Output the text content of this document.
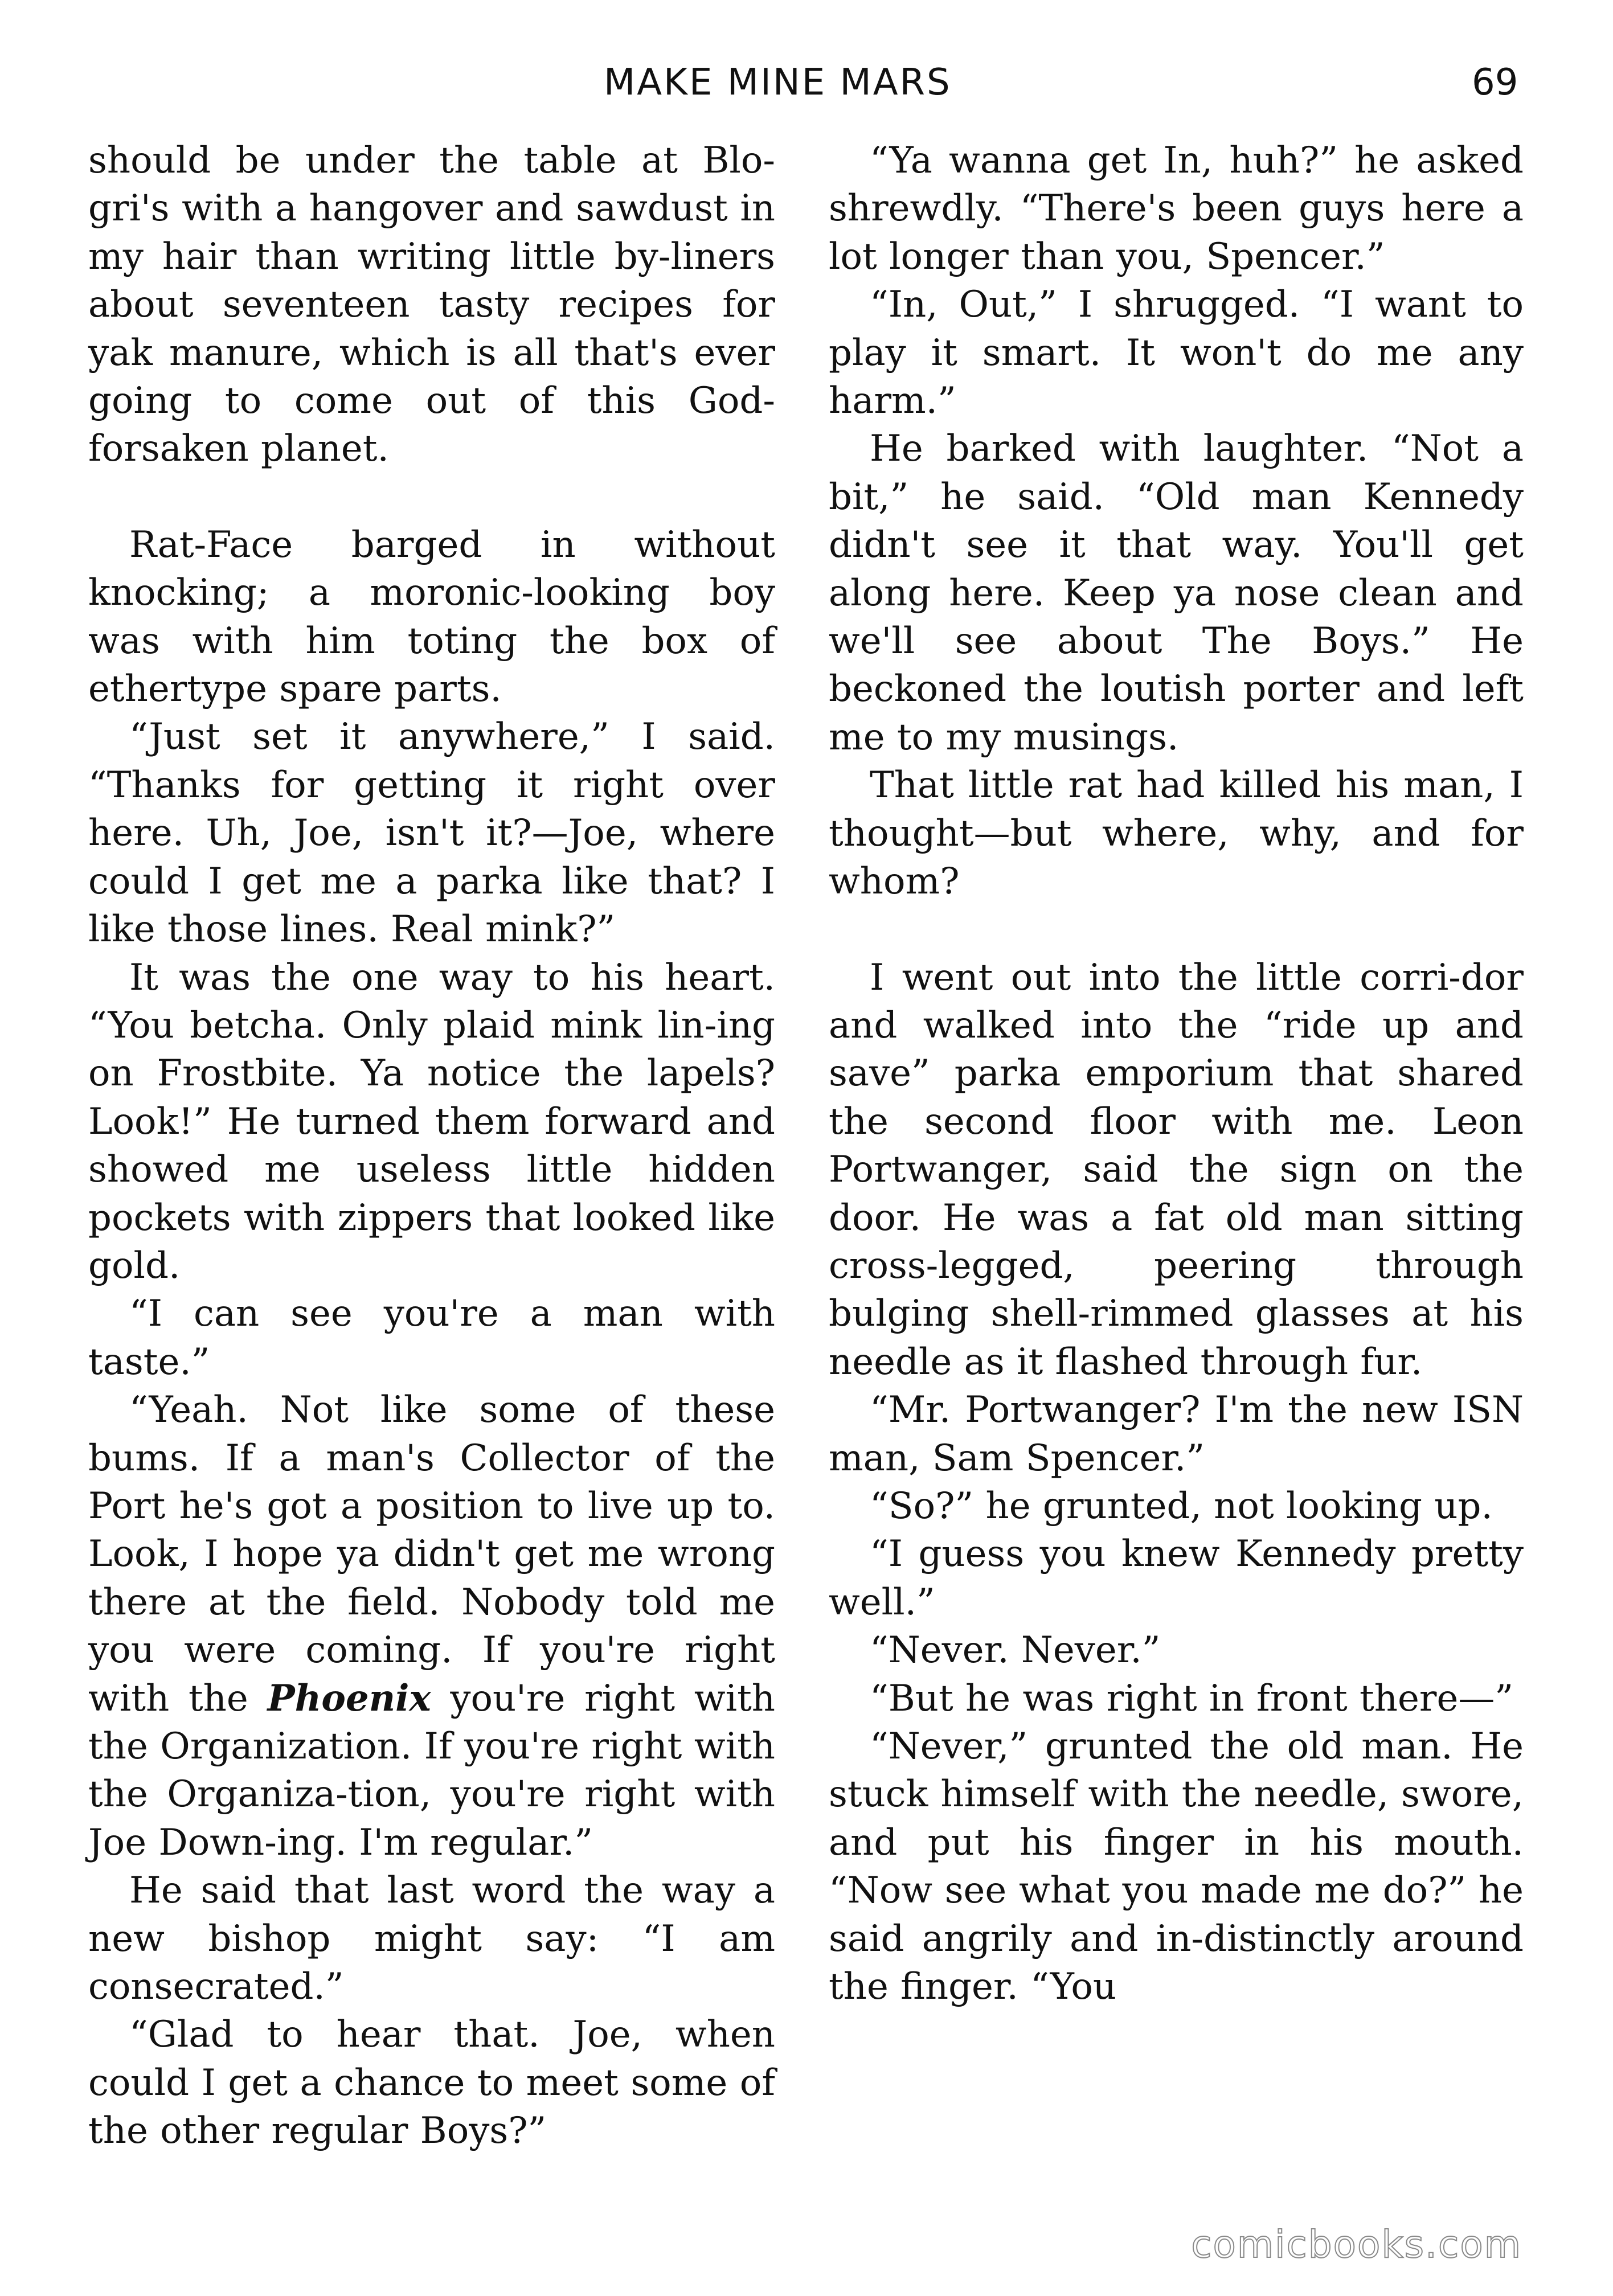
MAKE MINE MARS	69

should be under the table at Blo-gri's with a hangover and sawdust in my hair than writing little by-liners about seventeen tasty recipes for yak manure, which is all that's ever going to come out of this God-forsaken planet.

Rat-Face barged in without knocking; a moronic-looking boy was with him toting the box of ethertype spare parts.

“Just set it anywhere,” I said. “Thanks for getting it right over here. Uh, Joe, isn't it?—Joe, where could I get me a parka like that? I like those lines. Real mink?”

It was the one way to his heart. “You betcha. Only plaid mink lin-ing on Frostbite. Ya notice the lapels? Look!” He turned them forward and showed me useless little hidden pockets with zippers that looked like gold.

“I can see you're a man with taste.”

“Yeah. Not like some of these bums. If a man's Collector of the Port he's got a position to live up to. Look, I hope ya didn't get me wrong there at the field. Nobody told me you were coming. If you're right with the Phoenix you're right with the Organization. If you're right with the Organiza-tion, you're right with Joe Down-ing. I'm regular.”

He said that last word the way a new bishop might say: “I am consecrated.”

“Glad to hear that. Joe, when could I get a chance to meet some of the other regular Boys?”

“Ya wanna get In, huh?” he asked shrewdly. “There's been guys here a lot longer than you, Spencer.”

“In, Out,” I shrugged. “I want to play it smart. It won't do me any harm.”

He barked with laughter. “Not a bit,” he said. “Old man Kennedy didn't see it that way. You'll get along here. Keep ya nose clean and we'll see about The Boys.” He beckoned the loutish porter and left me to my musings.

That little rat had killed his man, I thought—but where, why, and for whom?

I went out into the little corri-dor and walked into the “ride up and save” parka emporium that shared the second floor with me. Leon Portwanger, said the sign on the door. He was a fat old man sitting cross-legged, peering through bulging shell-rimmed glasses at his needle as it flashed through fur.

“Mr. Portwanger? I'm the new ISN man, Sam Spencer.”

“So?” he grunted, not looking up.

“I guess you knew Kennedy pretty well.”

“Never. Never.”

“But he was right in front there—”

“Never,” grunted the old man. He stuck himself with the needle, swore, and put his finger in his mouth. “Now see what you made me do?” he said angrily and in-distinctly around the finger. “You

comicbooks.com
